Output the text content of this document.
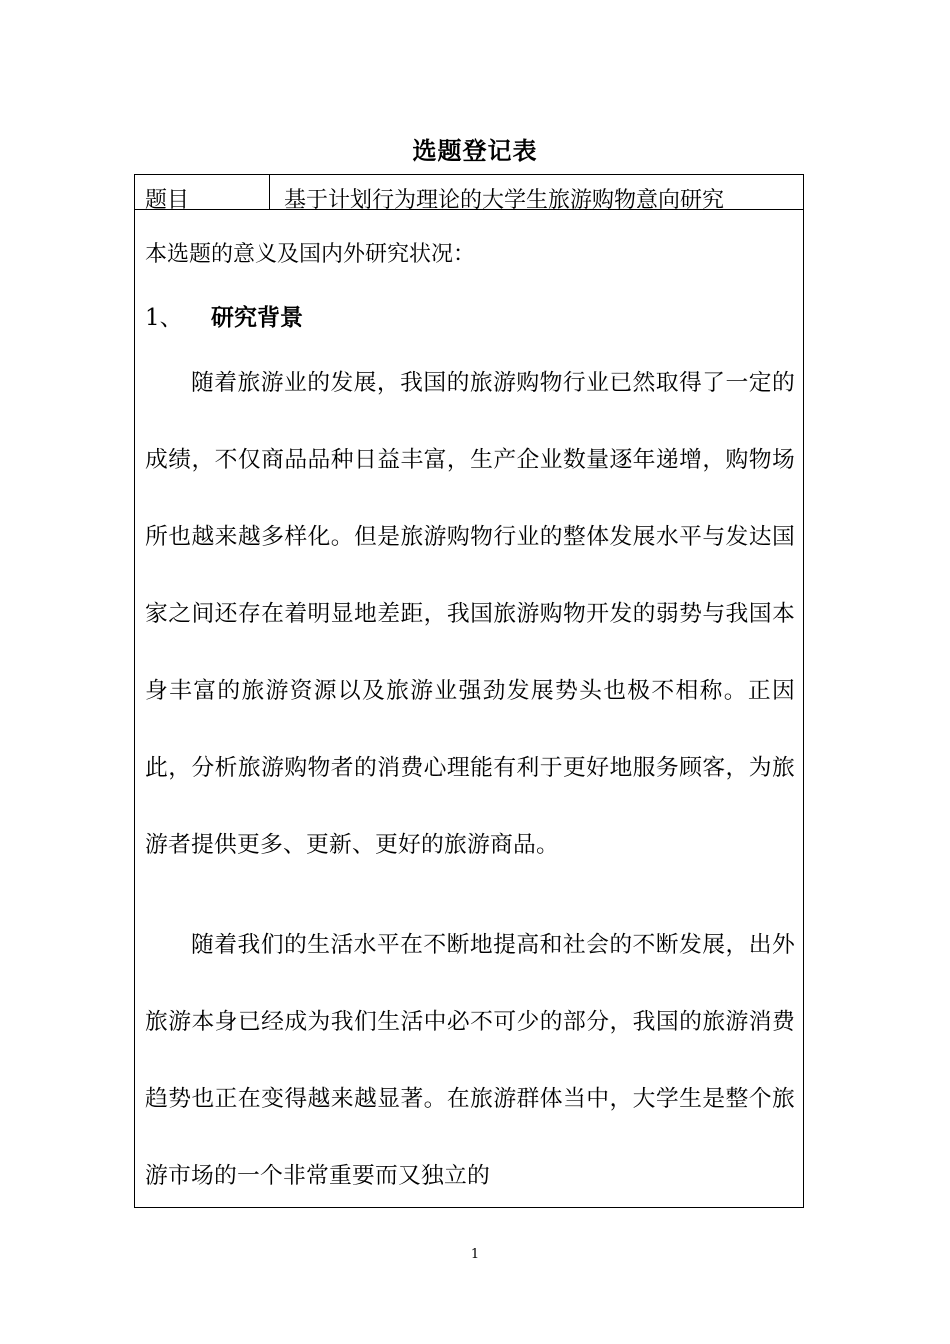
选题登记表
题目	基于计划行为理论的大学生旅游购物意向研究
本选题的意义及国内外研究状况：
1、 研究背景

随着旅游业的发展，我国的旅游购物行业已然取得了一定的成绩，不仅商品品种日益丰富，生产企业数量逐年递增，购物场所也越来越多样化。但是旅游购物行业的整体发展水平与发达国家之间还存在着明显地差距，我国旅游购物开发的弱势与我国本身丰富的旅游资源以及旅游业强劲发展势头也极不相称。正因此，分析旅游购物者的消费心理能有利于更好地服务顾客，为旅游者提供更多、更新、更好的旅游商品。

随着我们的生活水平在不断地提高和社会的不断发展，出外旅游本身已经成为我们生活中必不可少的部分，我国的旅游消费趋势也正在变得越来越显著。在旅游群体当中，大学生是整个旅游市场的一个非常重要而又独立的

1
